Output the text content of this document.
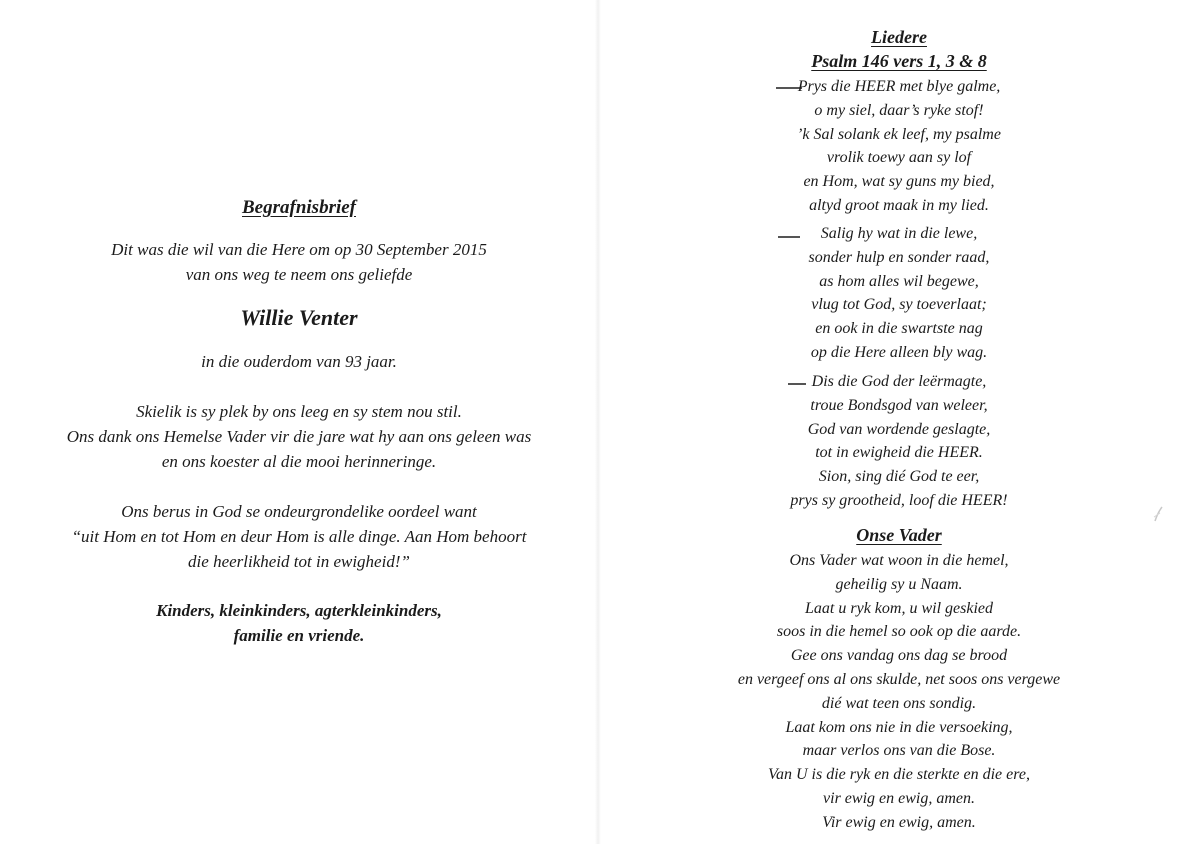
Begrafnisbrief
Dit was die wil van die Here om op 30 September 2015
van ons weg te neem ons geliefde
Willie Venter
in die ouderdom van 93 jaar.
Skielik is sy plek by ons leeg en sy stem nou stil.
Ons dank ons Hemelse Vader vir die jare wat hy aan ons geleen was
en ons koester al die mooi herinneringe.
Ons berus in God se ondeurgrondelike oordeel want
“uit Hom en tot Hom en deur Hom is alle dinge. Aan Hom behoort
die heerlikheid tot in ewigheid!”
Kinders, kleinkinders, agterkleinkinders,
familie en vriende.
Liedere
Psalm 146 vers 1, 3 & 8
Prys die HEER met blye galme,
o my siel, daar’s ryke stof!
’k Sal solank ek leef, my psalme
vrolik toewy aan sy lof
en Hom, wat sy guns my bied,
altyd groot maak in my lied.
Salig hy wat in die lewe,
sonder hulp en sonder raad,
as hom alles wil begewe,
vlug tot God, sy toeverlaat;
en ook in die swartste nag
op die Here alleen bly wag.
Dis die God der leërmagte,
troue Bondsgod van weleer,
God van wordende geslagte,
tot in ewigheid die HEER.
Sion, sing dié God te eer,
prys sy grootheid, loof die HEER!
Onse Vader
Ons Vader wat woon in die hemel,
geheilig sy u Naam.
Laat u ryk kom, u wil geskied
soos in die hemel so ook op die aarde.
Gee ons vandag ons dag se brood
en vergeef ons al ons skulde, net soos ons vergewe
dié wat teen ons sondig.
Laat kom ons nie in die versoeking,
maar verlos ons van die Bose.
Van U is die ryk en die sterkte en die ere,
vir ewig en ewig, amen.
Vir ewig en ewig, amen.
